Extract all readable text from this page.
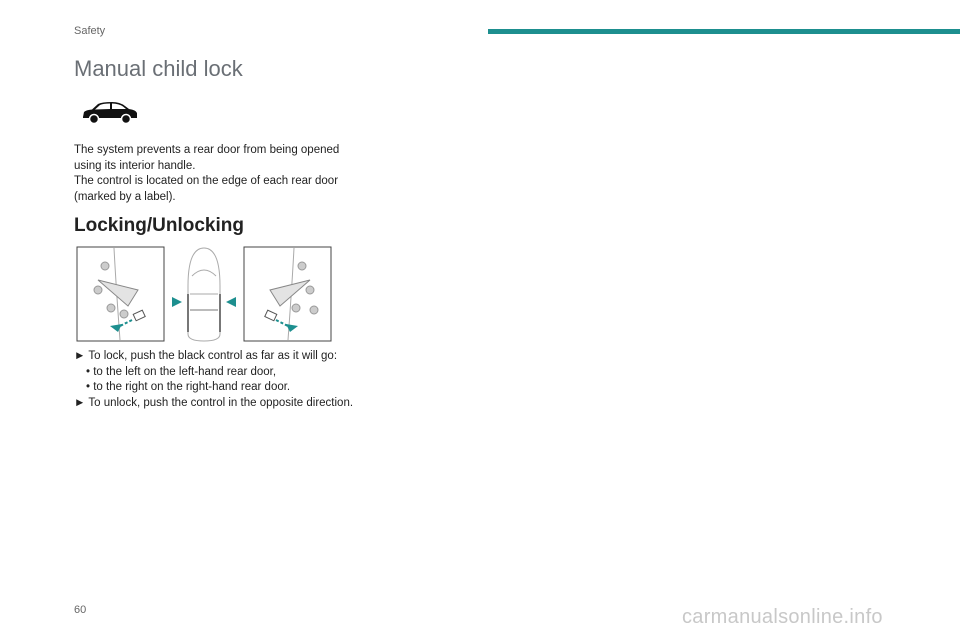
Safety
Manual child lock

The system prevents a rear door from being opened using its interior handle.

The control is located on the edge of each rear door (marked by a label).

Locking/Unlocking

► To lock, push the black control as far as it will go:

• to the left on the left-hand rear door,

• to the right on the right-hand rear door.

► To unlock, push the control in the opposite direction.

60	carmanualsonline.info
